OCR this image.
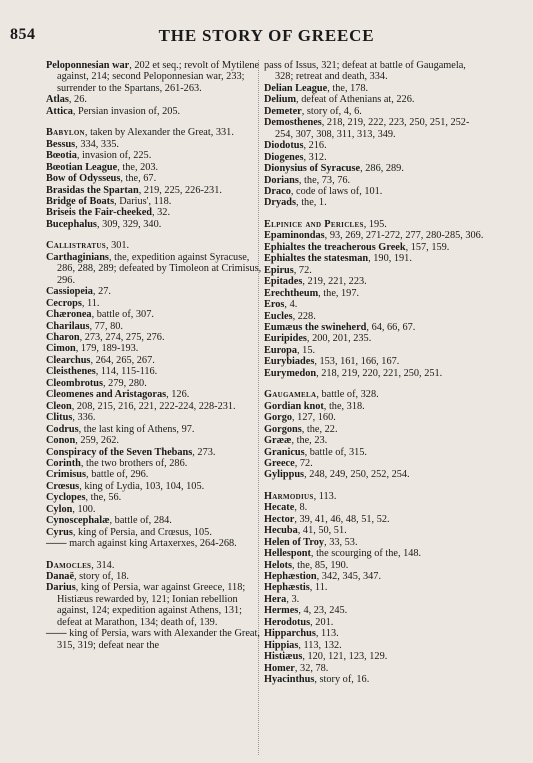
854	THE STORY OF GREECE

Peloponnesian war, 202 et seq.; revolt of Mytilene against, 214; second Peloponnesian war, 233; surrender to the Spartans, 261-263.

Atlas, 26.

Attica, Persian invasion of, 205.

Babylon, taken by Alexander the Great, 331.

Bessus, 334, 335.

Bœotia, invasion of, 225.

Bœotian League, the, 203.

Bow of Odysseus, the, 67.

Brasidas the Spartan, 219, 225, 226-231.

Bridge of Boats, Darius', 118.

Briseis the Fair-cheeked, 32.

Bucephalus, 309, 329, 340.

Callistratus, 301.

Carthaginians, the, expedition against Syracuse, 286, 288, 289; defeated by Timoleon at Crimisus, 296.

Cassiopeia, 27.

Cecrops, 11.

Chæronea, battle of, 307.

Charilaus, 77, 80.

Charon, 273, 274, 275, 276.

Cimon, 179, 189-193.

Clearchus, 264, 265, 267.

Cleisthenes, 114, 115-116.

Cleombrotus, 279, 280.

Cleomenes and Aristagoras, 126.

Cleon, 208, 215, 216, 221, 222-224, 228-231.

Clitus, 336.

Codrus, the last king of Athens, 97.

Conon, 259, 262.

Conspiracy of the Seven Thebans, 273.

Corinth, the two brothers of, 286.

Crimisus, battle of, 296.

Crœsus, king of Lydia, 103, 104, 105.

Cyclopes, the, 56.

Cylon, 100.

Cynoscephalæ, battle of, 284.

Cyrus, king of Persia, and Crœsus, 105.

—— march against king Artaxerxes, 264-268.

Damocles, 314.

Danaë, story of, 18.

Darius, king of Persia, war against Greece, 118; Histiæus rewarded by, 121; Ionian rebellion against, 124; expedition against Athens, 131; defeat at Marathon, 134; death of, 139.

—— king of Persia, wars with Alexander the Great, 315, 319; defeat near the

pass of Issus, 321; defeat at battle of Gaugamela, 328; retreat and death, 334.

Delian League, the, 178.

Delium, defeat of Athenians at, 226.

Demeter, story of, 4, 6.

Demosthenes, 218, 219, 222, 223, 250, 251, 252-254, 307, 308, 311, 313, 349.

Diodotus, 216.

Diogenes, 312.

Dionysius of Syracuse, 286, 289.

Dorians, the, 73, 76.

Draco, code of laws of, 101.

Dryads, the, 1.

Elpinice and Pericles, 195.

Epaminondas, 93, 269, 271-272, 277, 280-285, 306.

Ephialtes the treacherous Greek, 157, 159.

Ephialtes the statesman, 190, 191.

Epirus, 72.

Epitades, 219, 221, 223.

Erechtheum, the, 197.

Eros, 4.

Eucles, 228.

Eumæus the swineherd, 64, 66, 67.

Euripides, 200, 201, 235.

Europa, 15.

Eurybiades, 153, 161, 166, 167.

Eurymedon, 218, 219, 220, 221, 250, 251.

Gaugamela, battle of, 328.

Gordian knot, the, 318.

Gorgo, 127, 160.

Gorgons, the, 22.

Grææ, the, 23.

Granicus, battle of, 315.

Greece, 72.

Gylippus, 248, 249, 250, 252, 254.

Harmodius, 113.

Hecate, 8.

Hector, 39, 41, 46, 48, 51, 52.

Hecuba, 41, 50, 51.

Helen of Troy, 33, 53.

Hellespont, the scourging of the, 148.

Helots, the, 85, 190.

Hephæstion, 342, 345, 347.

Hephæstis, 11.

Hera, 3.

Hermes, 4, 23, 245.

Herodotus, 201.

Hipparchus, 113.

Hippias, 113, 132.

Histiæus, 120, 121, 123, 129.

Homer, 32, 78.

Hyacinthus, story of, 16.
